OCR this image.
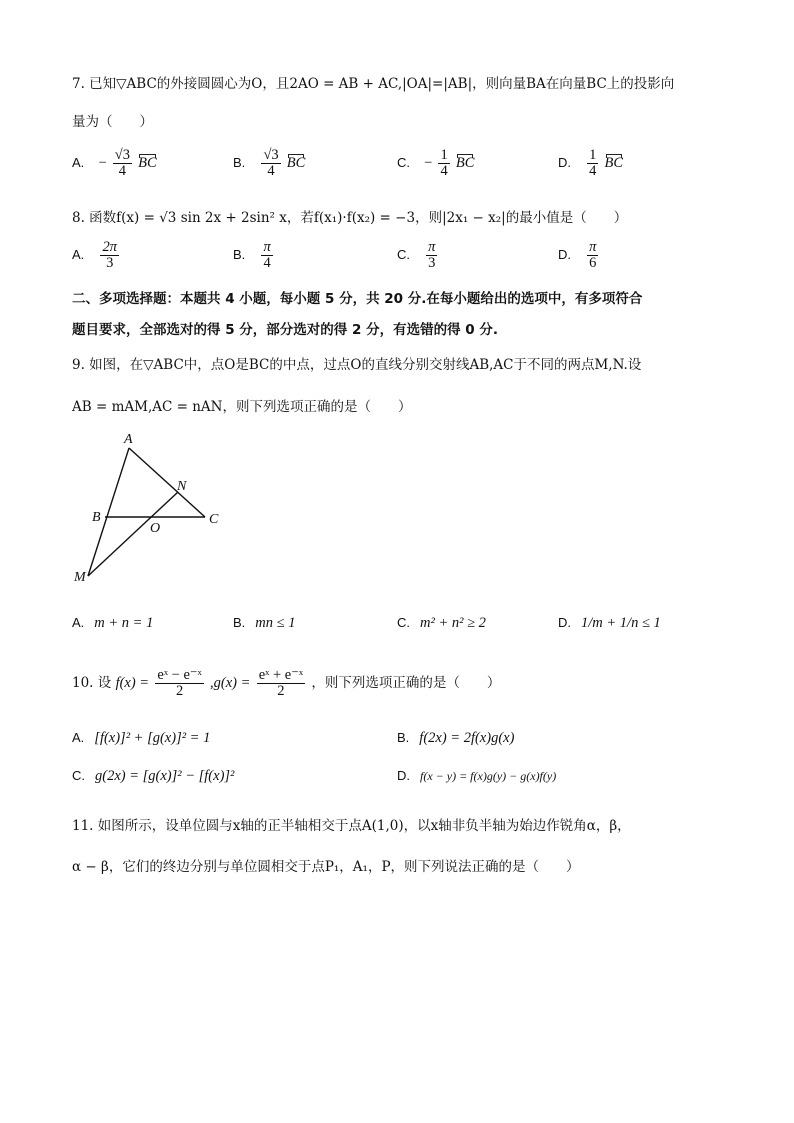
7. 已知▽ABC的外接圆圆心为O，且2AO = AB + AC,|OA|=|AB|，则向量BA在向量BC上的投影向
量为（　　）
A. − $\frac{√3}{4}$ BC	B. $\frac{√3}{4}$ BC	C. − $\frac{1}{4}$ BC	D. $\frac{1}{4}$ BC
8. 函数f(x) = √3 sin 2x + 2sin² x，若f(x₁)·f(x₂) = −3，则|2x₁ − x₂|的最小值是（　　）
A. $\frac{2\pi}{3}$	B. $\frac{\pi}{4}$	C. $\frac{\pi}{3}$	D. $\frac{\pi}{6}$
二、多项选择题：本题共 4 小题，每小题 5 分，共 20 分.在每小题给出的选项中，有多项符合
题目要求，全部选对的得 5 分，部分选对的得 2 分，有选错的得 0 分.
9. 如图，在▽ABC中，点O是BC的中点，过点O的直线分别交射线AB,AC于不同的两点M,N.设
AB = mAM,AC = nAN，则下列选项正确的是（　　）
A
B	C
N
O
M
A. m + n = 1	B. mn ≤ 1	C. m² + n² ≥ 2	D. 1/m + 1/n ≤ 1
10. 设 $f(x) = \frac{\text{eˣ − e⁻ˣ}}{2} ,g(x) = \frac{\text{eˣ + e⁻ˣ}}{2}$ ，则下列选项正确的是（　　）
A. [f(x)]² + [g(x)]² = 1	B. f(2x) = 2f(x)g(x)
C. g(2x) = [g(x)]² − [f(x)]²	D. f(x − y) = f(x)g(y) − g(x)f(y)
11. 如图所示，设单位圆与x轴的正半轴相交于点A(1,0)，以x轴非负半轴为始边作锐角α，β，
α − β，它们的终边分别与单位圆相交于点P₁，A₁，P，则下列说法正确的是（　　）
